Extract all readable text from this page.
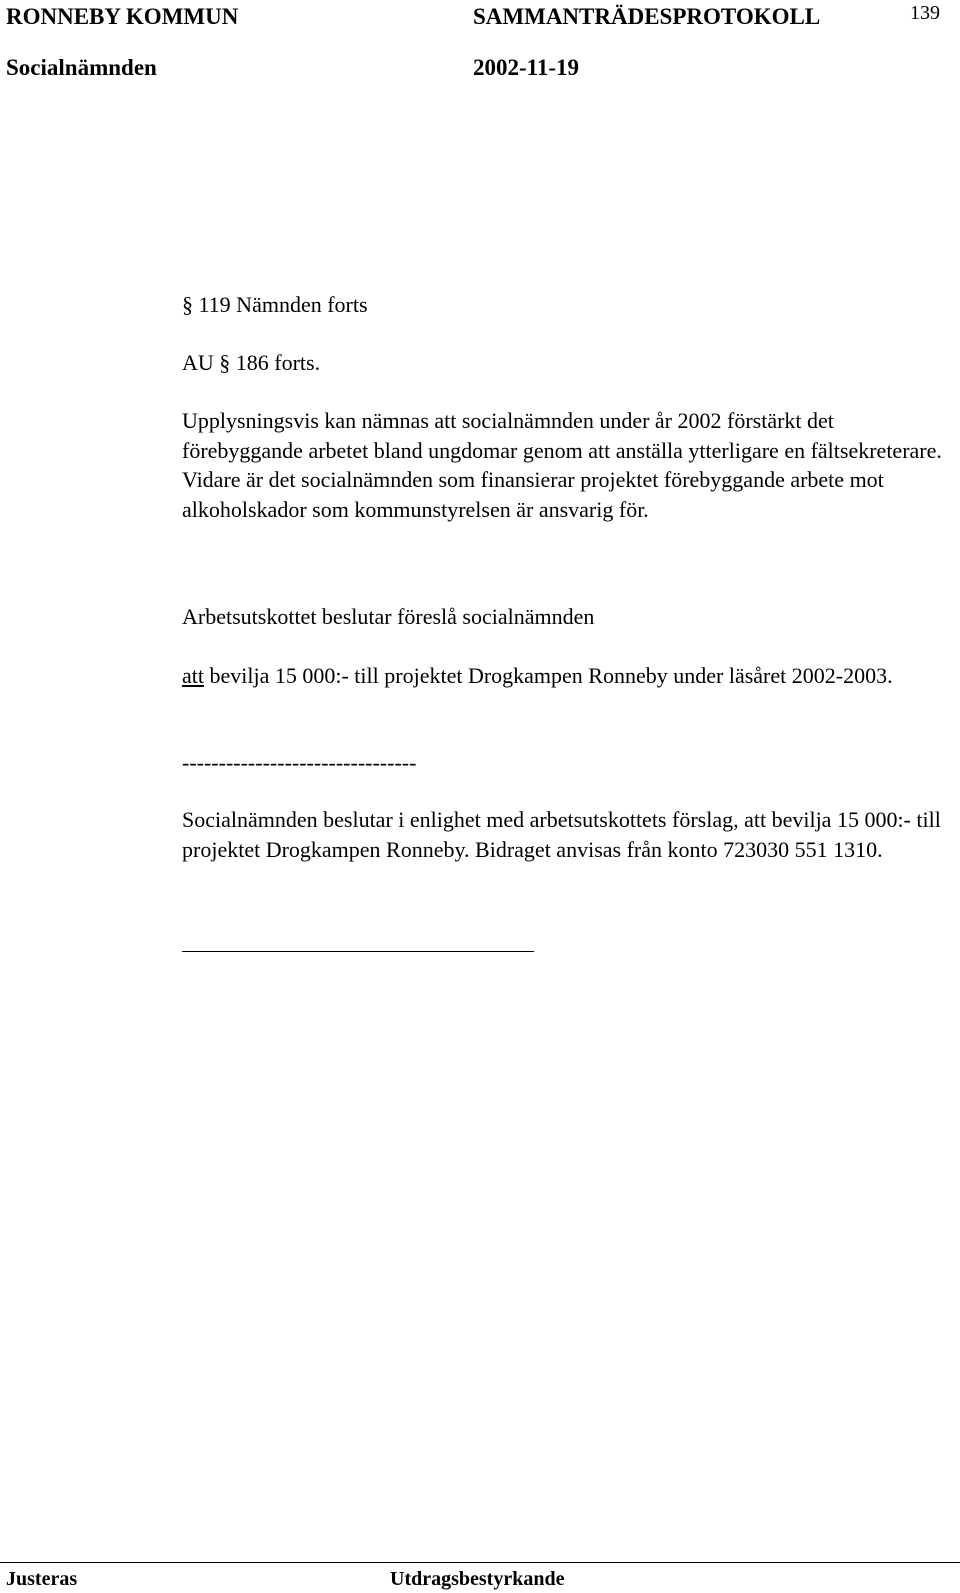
RONNEBY KOMMUN	SAMMANTRÄDESPROTOKOLL	139
Socialnämnden	2002-11-19

§ 119 Nämnden forts

AU § 186 forts.

Upplysningsvis kan nämnas att socialnämnden under år 2002 förstärkt det förebyggande arbetet bland ungdomar genom att anställa ytterligare en fältsekreterare. Vidare är det socialnämnden som finansierar projektet förebyggande arbete mot alkoholskador som kommunstyrelsen är ansvarig för.

Arbetsutskottet beslutar föreslå socialnämnden

att bevilja 15 000:- till projektet Drogkampen Ronneby under läsåret 2002-2003.

--------------------------------

Socialnämnden beslutar i enlighet med arbetsutskottets förslag, att bevilja 15 000:- till projektet Drogkampen Ronneby. Bidraget anvisas från konto 723030 551 1310.

Justeras	Utdragsbestyrkande
